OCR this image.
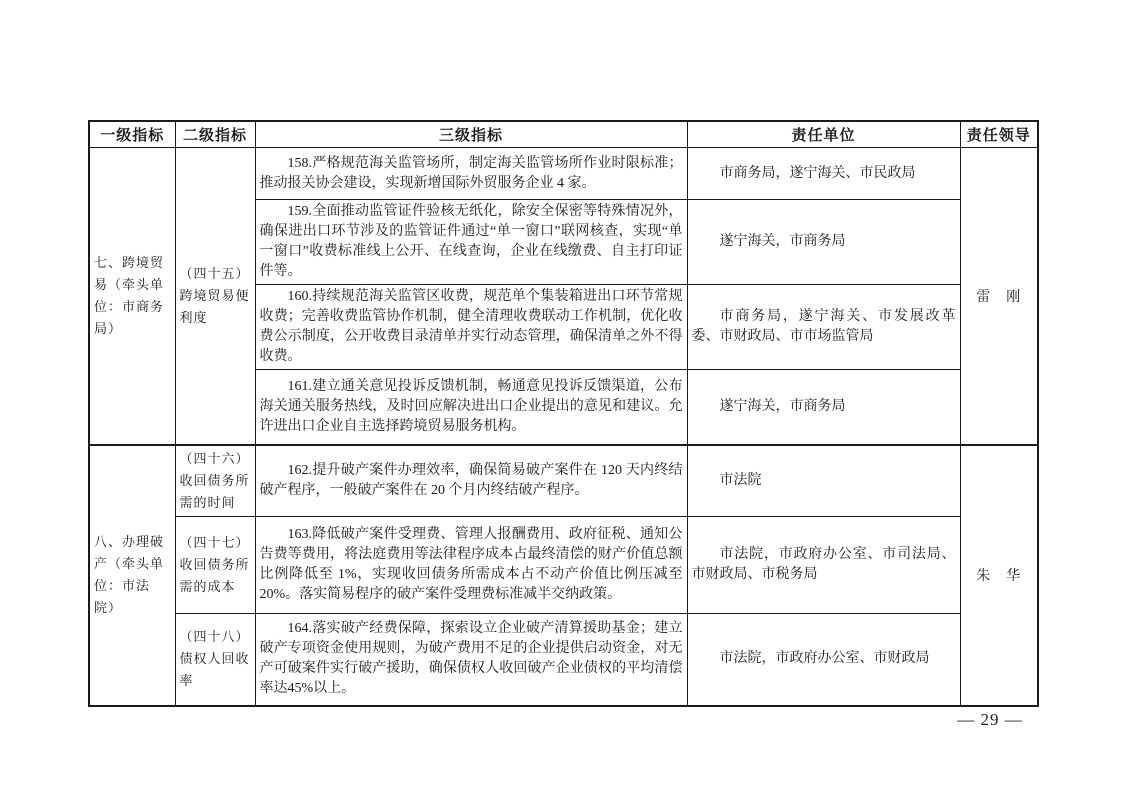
一级指标	二级指标	三级指标	责任单位	责任领导
七、跨境贸易（牵头单位：市商务局）	（四十五）跨境贸易便利度	158.严格规范海关监管场所，制定海关监管场所作业时限标准；推动报关协会建设，实现新增国际外贸服务企业 4 家。	市商务局，遂宁海关、市民政局	雷　刚

		159.全面推动监管证件验核无纸化，除安全保密等特殊情况外，确保进出口环节涉及的监管证件通过“单一窗口”联网核查，实现“单一窗口”收费标准线上公开、在线查询，企业在线缴费、自主打印证件等。	遂宁海关，市商务局	

		160.持续规范海关监管区收费，规范单个集装箱进出口环节常规收费；完善收费监管协作机制，健全清理收费联动工作机制，优化收费公示制度，公开收费目录清单并实行动态管理，确保清单之外不得收费。	市商务局，遂宁海关、市发展改革委、市财政局、市市场监管局	

		161.建立通关意见投诉反馈机制，畅通意见投诉反馈渠道，公布海关通关服务热线，及时回应解决进出口企业提出的意见和建议。允许进出口企业自主选择跨境贸易服务机构。	遂宁海关，市商务局	

八、办理破产（牵头单位：市法院）	（四十六）收回债务所需的时间	162.提升破产案件办理效率，确保简易破产案件在 120 天内终结破产程序，一般破产案件在 20 个月内终结破产程序。	市法院	朱　华
	（四十七）收回债务所需的成本	163.降低破产案件受理费、管理人报酬费用、政府征税、通知公告费等费用，将法庭费用等法律程序成本占最终清偿的财产价值总额比例降低至 1%，实现收回债务所需成本占不动产价值比例压减至 20%。落实简易程序的破产案件受理费标准减半交纳政策。	市法院，市政府办公室、市司法局、市财政局、市税务局	

	（四十八）债权人回收率	164.落实破产经费保障，探索设立企业破产清算援助基金；建立破产专项资金使用规则，为破产费用不足的企业提供启动资金，对无产可破案件实行破产援助，确保债权人收回破产企业债权的平均清偿率达45%以上。	市法院，市政府办公室、市财政局	

— 29 —
